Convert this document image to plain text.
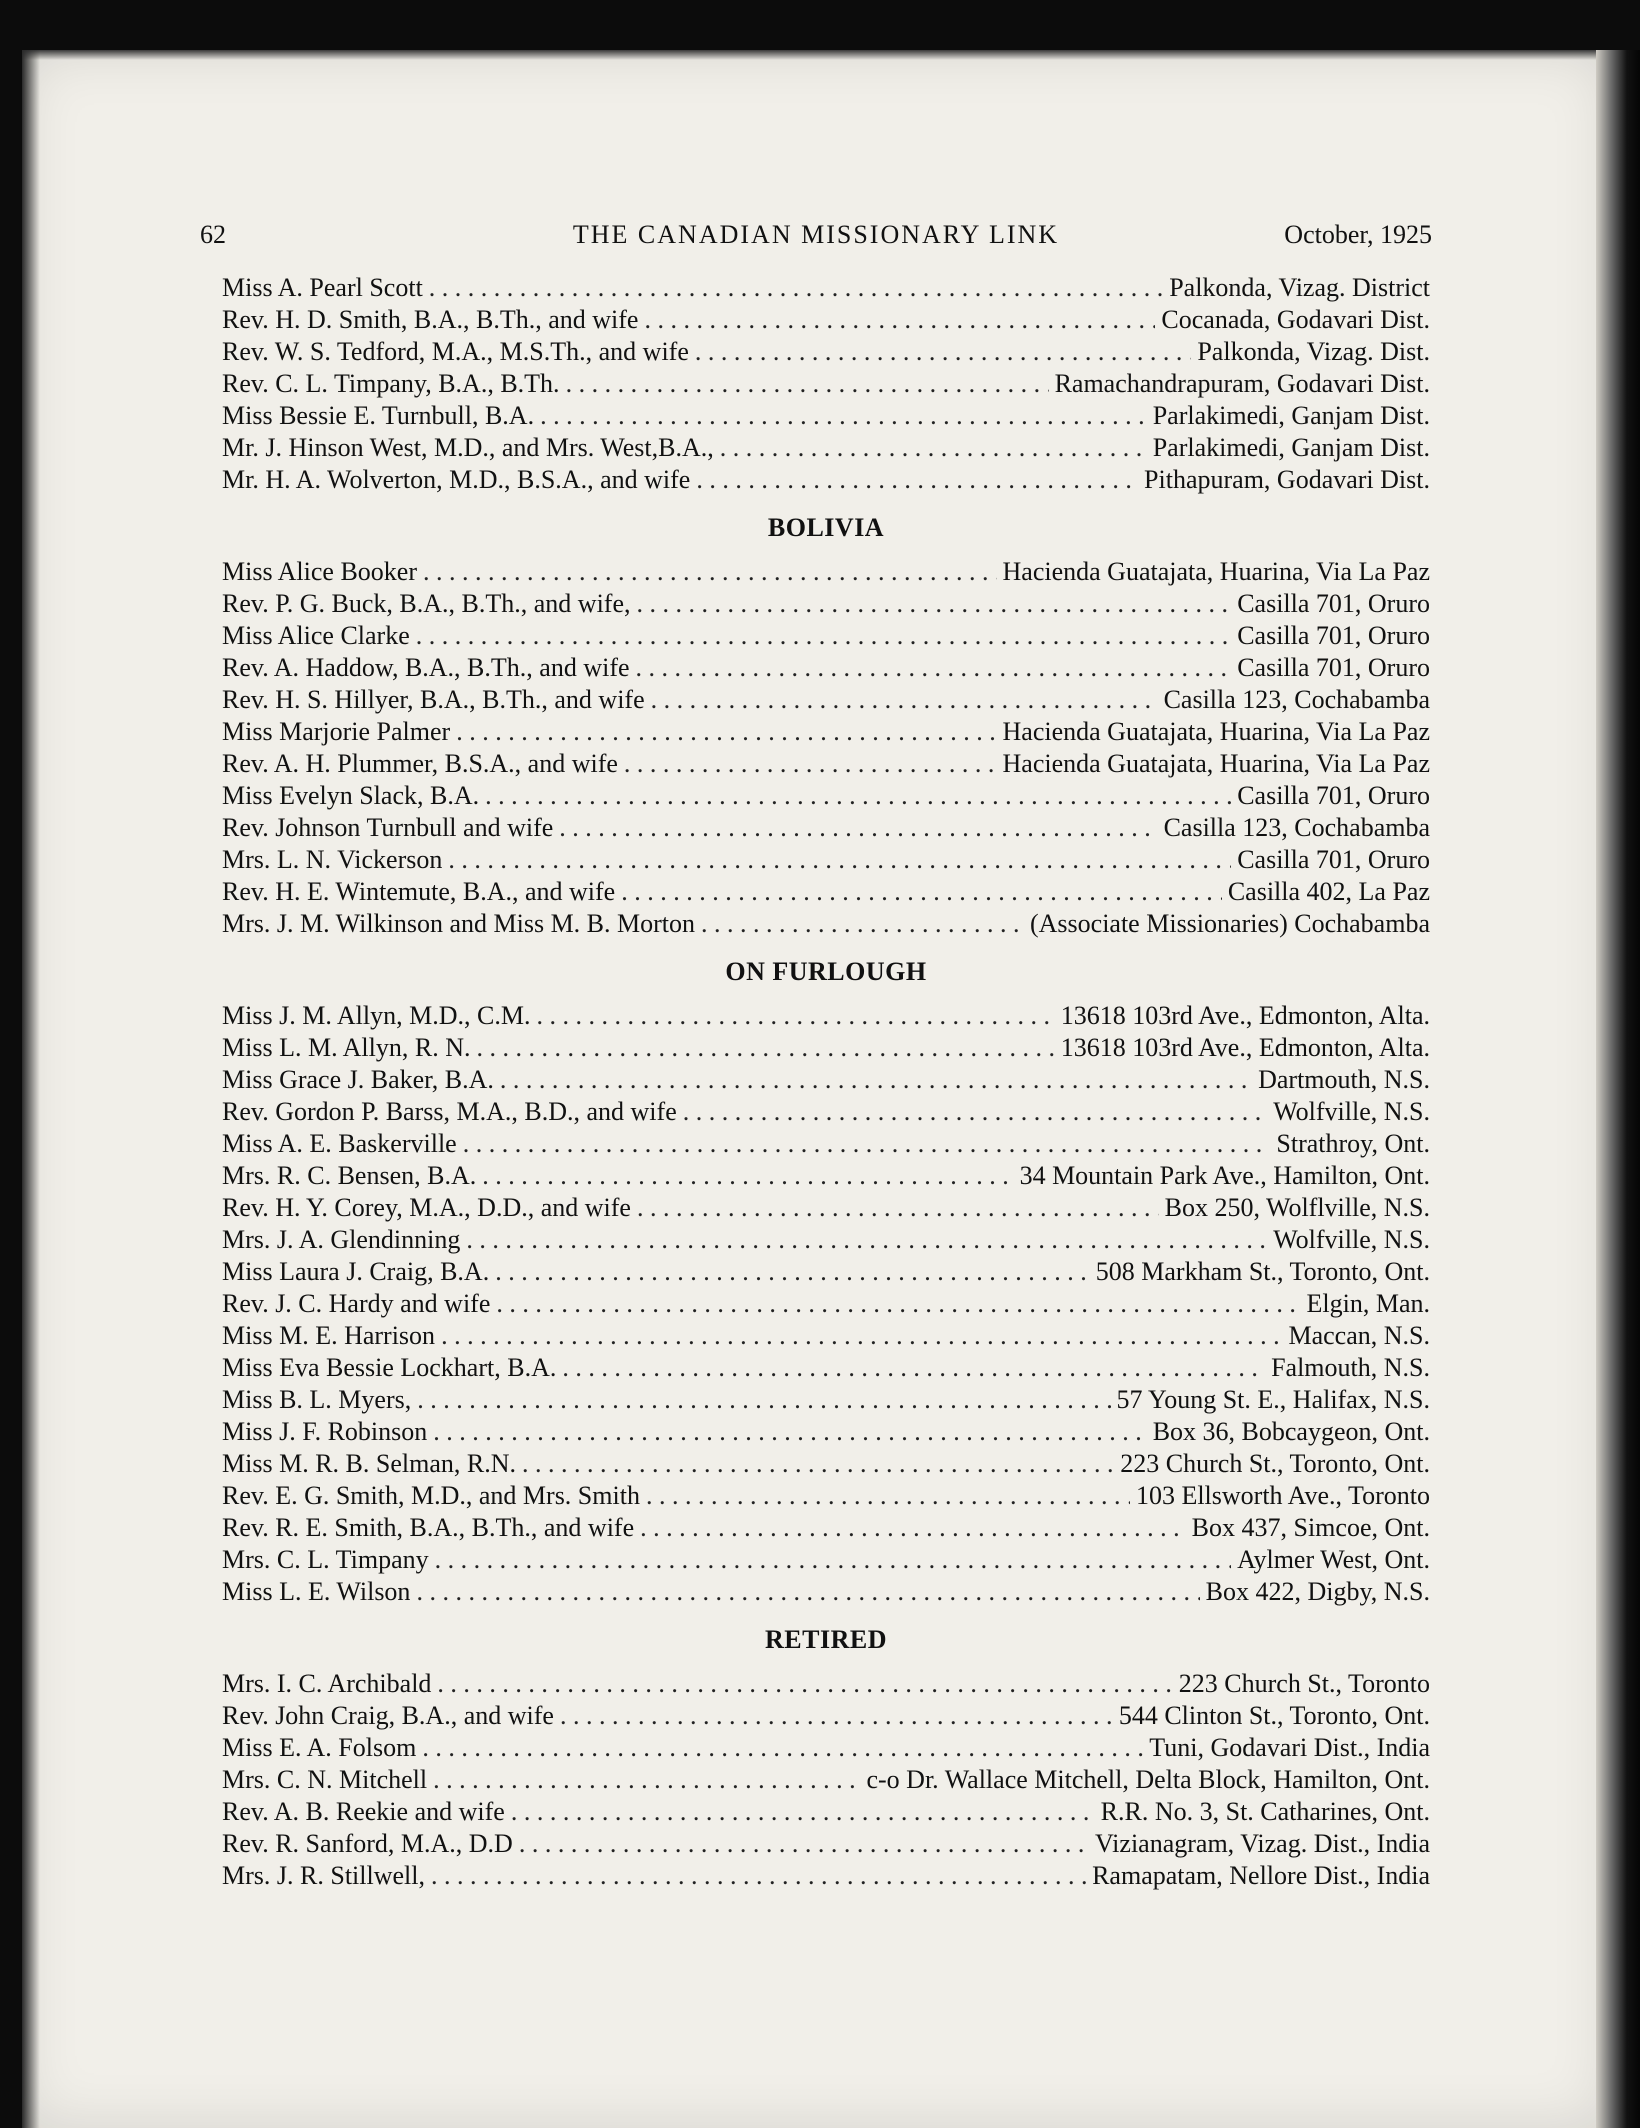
62	THE CANADIAN MISSIONARY LINK	October, 1925
Miss A. Pearl Scott . . .	Palkonda, Vizag. District
Rev. H. D. Smith, B.A., B.Th., and wife . . .	Cocanada, Godavari Dist.
Rev. W. S. Tedford, M.A., M.S.Th., and wife . . .	Palkonda, Vizag. Dist.
Rev. C. L. Timpany, B.A., B.Th. . . .	Ramachandrapuram, Godavari Dist.
Miss Bessie E. Turnbull, B.A. . . .	Parlakimedi, Ganjam Dist.
Mr. J. Hinson West, M.D., and Mrs. West,B.A., . . .	Parlakimedi, Ganjam Dist.
Mr. H. A. Wolverton, M.D., B.S.A., and wife . . .	Pithapuram, Godavari Dist.
BOLIVIA
Miss Alice Booker . . .	Hacienda Guatajata, Huarina, Via La Paz
Rev. P. G. Buck, B.A., B.Th., and wife, . . .	Casilla 701, Oruro
Miss Alice Clarke . . .	Casilla 701, Oruro
Rev. A. Haddow, B.A., B.Th., and wife . . .	Casilla 701, Oruro
Rev. H. S. Hillyer, B.A., B.Th., and wife . . .	Casilla 123, Cochabamba
Miss Marjorie Palmer . . .	Hacienda Guatajata, Huarina, Via La Paz
Rev. A. H. Plummer, B.S.A., and wife . . .	Hacienda Guatajata, Huarina, Via La Paz
Miss Evelyn Slack, B.A. . . .	Casilla 701, Oruro
Rev. Johnson Turnbull and wife . . .	Casilla 123, Cochabamba
Mrs. L. N. Vickerson . . .	Casilla 701, Oruro
Rev. H. E. Wintemute, B.A., and wife . . .	Casilla 402, La Paz
Mrs. J. M. Wilkinson and Miss M. B. Morton . . .	(Associate Missionaries) Cochabamba
ON FURLOUGH
Miss J. M. Allyn, M.D., C.M. . . .	13618 103rd Ave., Edmonton, Alta.
Miss L. M. Allyn, R. N. . . .	13618 103rd Ave., Edmonton, Alta.
Miss Grace J. Baker, B.A. . . .	Dartmouth, N.S.
Rev. Gordon P. Barss, M.A., B.D., and wife . . .	Wolfville, N.S.
Miss A. E. Baskerville . . .	Strathroy, Ont.
Mrs. R. C. Bensen, B.A. . . .	34 Mountain Park Ave., Hamilton, Ont.
Rev. H. Y. Corey, M.A., D.D., and wife . . .	Box 250, Wolflville, N.S.
Mrs. J. A. Glendinning . . .	Wolfville, N.S.
Miss Laura J. Craig, B.A. . . .	508 Markham St., Toronto, Ont.
Rev. J. C. Hardy and wife . . .	Elgin, Man.
Miss M. E. Harrison . . .	Maccan, N.S.
Miss Eva Bessie Lockhart, B.A. . . .	Falmouth, N.S.
Miss B. L. Myers, . . .	57 Young St. E., Halifax, N.S.
Miss J. F. Robinson . . .	Box 36, Bobcaygeon, Ont.
Miss M. R. B. Selman, R.N. . . .	223 Church St., Toronto, Ont.
Rev. E. G. Smith, M.D., and Mrs. Smith . . .	103 Ellsworth Ave., Toronto
Rev. R. E. Smith, B.A., B.Th., and wife . . .	Box 437, Simcoe, Ont.
Mrs. C. L. Timpany . . .	Aylmer West, Ont.
Miss L. E. Wilson . . .	Box 422, Digby, N.S.
RETIRED
Mrs. I. C. Archibald . . .	223 Church St., Toronto
Rev. John Craig, B.A., and wife . . .	544 Clinton St., Toronto, Ont.
Miss E. A. Folsom . . .	Tuni, Godavari Dist., India
Mrs. C. N. Mitchell . . .	c-o Dr. Wallace Mitchell, Delta Block, Hamilton, Ont.
Rev. A. B. Reekie and wife . . .	R.R. No. 3, St. Catharines, Ont.
Rev. R. Sanford, M.A., D.D . . .	Vizianagram, Vizag. Dist., India
Mrs. J. R. Stillwell, . . .	Ramapatam, Nellore Dist., India
